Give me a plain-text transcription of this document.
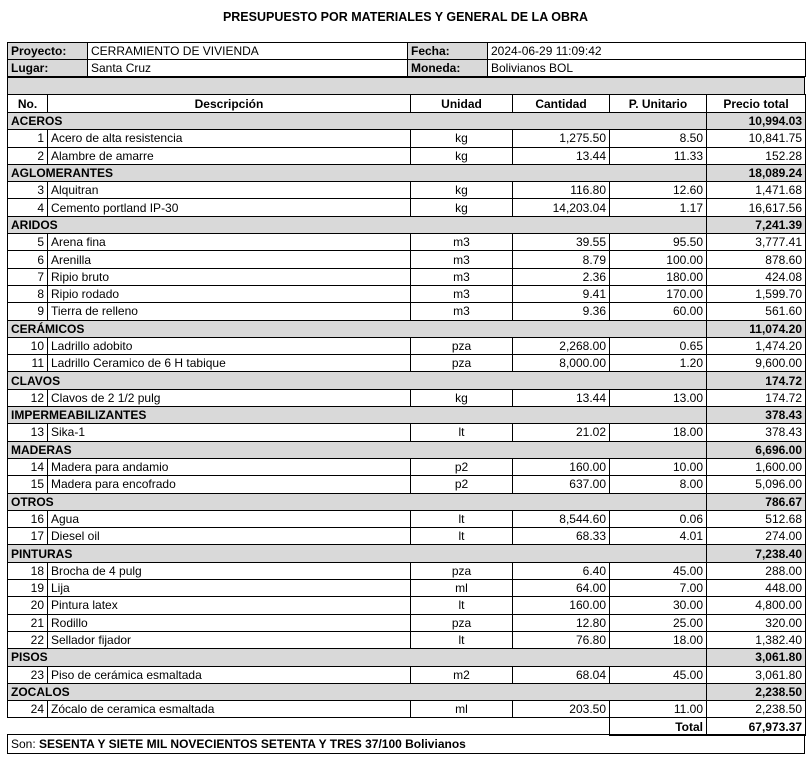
PRESUPUESTO POR MATERIALES Y GENERAL DE LA OBRA
Proyecto:	CERRAMIENTO DE VIVIENDA	Fecha:	2024-06-29 11:09:42
Lugar:	Santa Cruz	Moneda:	Bolivianos BOL
No.	Descripción	Unidad	Cantidad	P. Unitario	Precio total
ACEROS					10,994.03
1	Acero de alta resistencia	kg	1,275.50	8.50	10,841.75
2	Alambre de amarre	kg	13.44	11.33	152.28
AGLOMERANTES					18,089.24
3	Alquitran	kg	116.80	12.60	1,471.68
4	Cemento portland IP-30	kg	14,203.04	1.17	16,617.56
ARIDOS					7,241.39
5	Arena fina	m3	39.55	95.50	3,777.41
6	Arenilla	m3	8.79	100.00	878.60
7	Ripio bruto	m3	2.36	180.00	424.08
8	Ripio rodado	m3	9.41	170.00	1,599.70
9	Tierra de relleno	m3	9.36	60.00	561.60
CERÁMICOS					11,074.20
10	Ladrillo adobito	pza	2,268.00	0.65	1,474.20
11	Ladrillo Ceramico de 6 H tabique	pza	8,000.00	1.20	9,600.00
CLAVOS					174.72
12	Clavos de 2 1/2 pulg	kg	13.44	13.00	174.72
IMPERMEABILIZANTES					378.43
13	Sika-1	lt	21.02	18.00	378.43
MADERAS					6,696.00
14	Madera para andamio	p2	160.00	10.00	1,600.00
15	Madera para encofrado	p2	637.00	8.00	5,096.00
OTROS					786.67
16	Agua	lt	8,544.60	0.06	512.68
17	Diesel oil	lt	68.33	4.01	274.00
PINTURAS					7,238.40
18	Brocha de 4 pulg	pza	6.40	45.00	288.00
19	Lija	ml	64.00	7.00	448.00
20	Pintura latex	lt	160.00	30.00	4,800.00
21	Rodillo	pza	12.80	25.00	320.00
22	Sellador fijador	lt	76.80	18.00	1,382.40
PISOS					3,061.80
23	Piso de cerámica esmaltada	m2	68.04	45.00	3,061.80
ZOCALOS					2,238.50
24	Zócalo de ceramica esmaltada	ml	203.50	11.00	2,238.50
				Total	67,973.37
Son: SESENTA Y SIETE MIL NOVECIENTOS SETENTA Y TRES 37/100 Bolivianos
